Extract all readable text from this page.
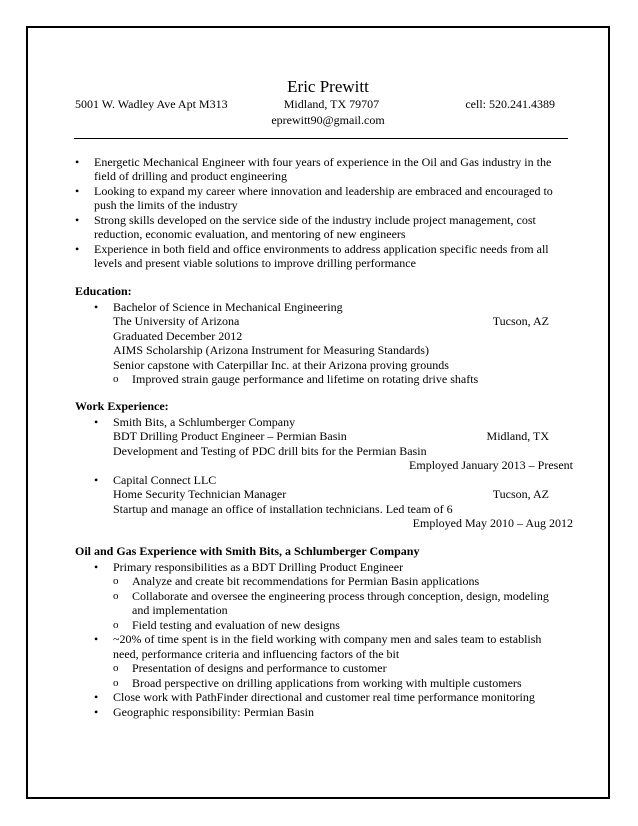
Eric Prewitt
5001 W. Wadley Ave Apt M313	Midland, TX 79707	cell: 520.241.4389
eprewitt90@gmail.com
• Energetic Mechanical Engineer with four years of experience in the Oil and Gas industry in the field of drilling and product engineering
• Looking to expand my career where innovation and leadership are embraced and encouraged to push the limits of the industry
• Strong skills developed on the service side of the industry include project management, cost reduction, economic evaluation, and mentoring of new engineers
• Experience in both field and office environments to address application specific needs from all levels and present viable solutions to improve drilling performance
Education:
• Bachelor of Science in Mechanical Engineering
The University of Arizona	Tucson, AZ
Graduated December 2012
AIMS Scholarship (Arizona Instrument for Measuring Standards)
Senior capstone with Caterpillar Inc. at their Arizona proving grounds
o Improved strain gauge performance and lifetime on rotating drive shafts
Work Experience:
• Smith Bits, a Schlumberger Company
BDT Drilling Product Engineer – Permian Basin	Midland, TX
Development and Testing of PDC drill bits for the Permian Basin
Employed January 2013 – Present
• Capital Connect LLC
Home Security Technician Manager	Tucson, AZ
Startup and manage an office of installation technicians. Led team of 6
Employed May 2010 – Aug 2012
Oil and Gas Experience with Smith Bits, a Schlumberger Company
• Primary responsibilities as a BDT Drilling Product Engineer
o Analyze and create bit recommendations for Permian Basin applications
o Collaborate and oversee the engineering process through conception, design, modeling and implementation
o Field testing and evaluation of new designs
• ~20% of time spent is in the field working with company men and sales team to establish need, performance criteria and influencing factors of the bit
o Presentation of designs and performance to customer
o Broad perspective on drilling applications from working with multiple customers
• Close work with PathFinder directional and customer real time performance monitoring
• Geographic responsibility: Permian Basin
